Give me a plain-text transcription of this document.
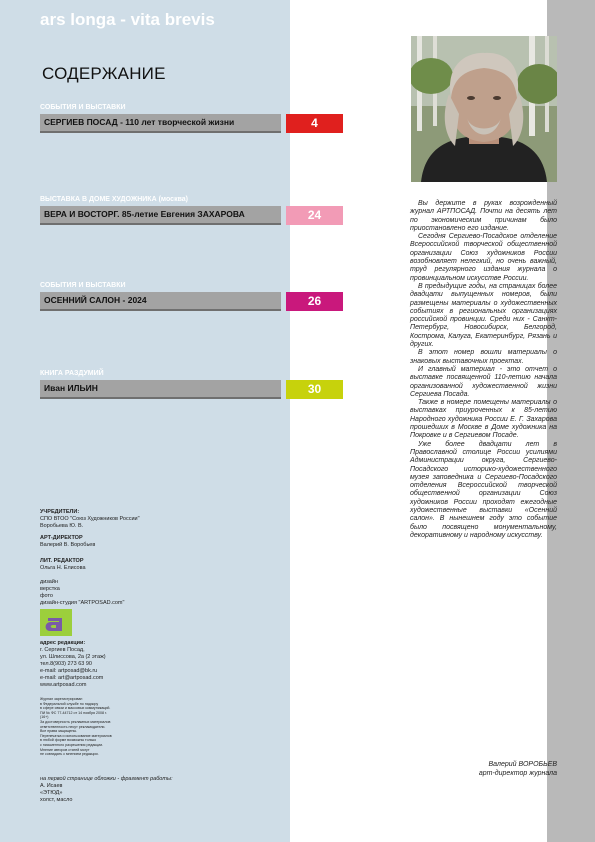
ars longa - vita brevis
СОДЕРЖАНИЕ
СОБЫТИЯ И ВЫСТАВКИ
СЕРГИЕВ ПОСАД - 110 лет творческой жизни	4
ВЫСТАВКА В ДОМЕ ХУДОЖНИКА (москва)
ВЕРА И ВОСТОРГ. 85-летие Евгения ЗАХАРОВА	24
СОБЫТИЯ И ВЫСТАВКИ
ОСЕННИЙ САЛОН - 2024	26
КНИГА РАЗДУМИЙ
Иван ИЛЬИН	30
УЧРЕДИТЕЛИ:
СПО ВТОО "Союз Художников России"
Воробьева Ю. В.
АРТ-ДИРЕКТОР
Валерий В. Воробьев
ЛИТ. РЕДАКТОР
Ольга Н. Елисова
дизайн
верстка
фото
дизайн-студия "ARTPOSAD.com"
адрес редакции:
г. Сергиев Посад,
ул. Шлиссова, 2а (2 этаж)
тел.8(903) 273 63 90
e-mail: artposad@bk.ru
e-mail: art@artposad.com
www.artposad.com
Журнал зарегистрирован
в Федеральной службе по надзору
в сфере связи и массовых коммуникаций.
ПИ № ФС 77-44712 от 14 ноября 2008 г.
(16+)
За достоверность рекламных материалов
ответственность несут рекламодатели.
Все права защищены.
Перепечатка и использование материалов
в любой форме возможны только
с письменного разрешения редакции.
Мнение авторов статей могут
не совпадать с мнением редакции.
на первой странице обложки - фрагмент работы:
А. Исаев
«ЭТЮД»
холст, масло

Вы держите в руках возрожденный журнал АРТПОСАД. Почти на десять лет по экономическим причинам было приостановлено его издание.

Сегодня Сергиево-Посадское отделение Всероссийской творческой общественной организации Союз художников России возобновляет нелегкий, но очень важный, труд регулярного издания журнала о провинциальном искусстве России.

В предыдущие годы, на страницах более двадцати выпущенных номеров, были размещены материалы о художественных событиях в региональных организациях российской провинции. Среди них - Санкт-Петербург, Новосибирск, Белгород, Кострома, Калуга, Екатеринбург, Рязань и других.

В этот номер вошли материалы о знаковых выставочных проектах.

И главный материал - это отчет о выставке посвященной 110-летию начала организованной художественной жизни Сергиева Посада.

Также в номере помещены материалы о выставках приуроченных к 85-летию Народного художника России Е. Г. Захарова прошедших в Москве в Доме художника на Покровке и в Сергиевом Посаде.

Уже более двадцати лет в Православной столице России усилиями Администрации округа, Сергиево-Посадского историко-художественного музея заповедника и Сергиево-Посадского отделения Всероссийской творческой общественной организации Союз художников России проходят ежегодные художественные выставки «Осенний салон». В нынешнем году это событие было посвящено монументальному, декоративному и народному искусству.

Валерий ВОРОБЬЕВ
арт-директор журнала
